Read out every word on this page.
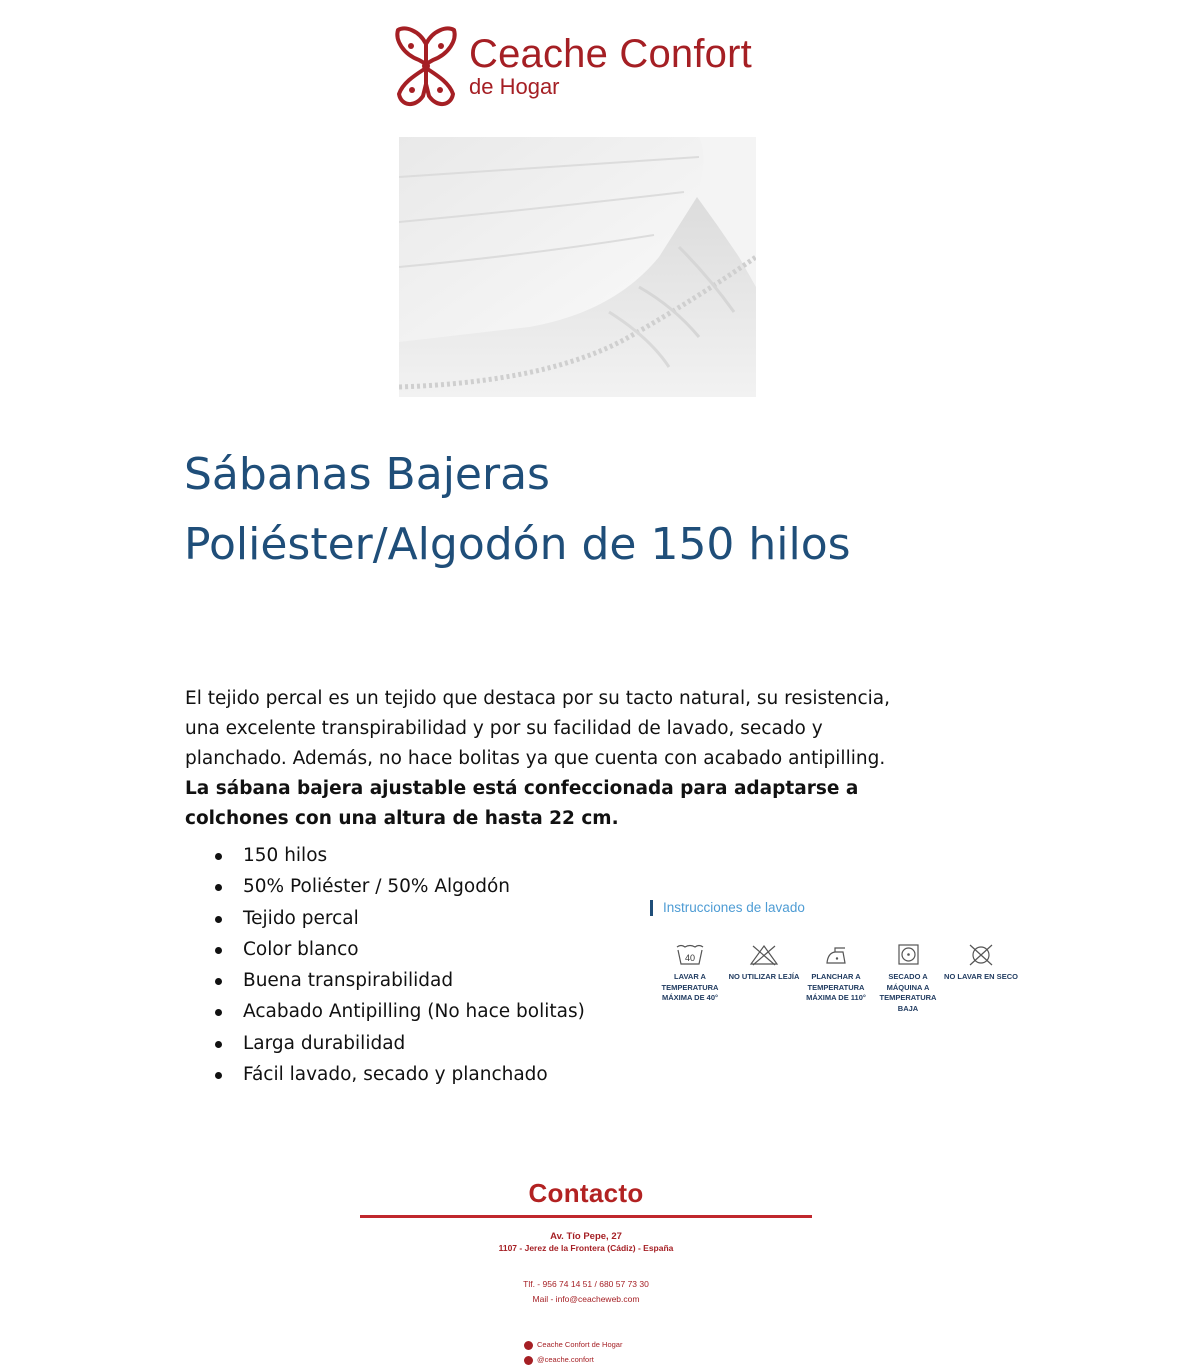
Ceache Confort
de Hogar
Sábanas Bajeras Poliéster/Algodón de 150 hilos

El tejido percal es un tejido que destaca por su tacto natural, su resistencia, una excelente transpirabilidad y por su facilidad de lavado, secado y planchado. Además, no hace bolitas ya que cuenta con acabado antipilling.
La sábana bajera ajustable está confeccionada para adaptarse a colchones con una altura de hasta 22 cm.

150 hilos
50% Poliéster / 50% Algodón
Tejido percal
Color blanco
Buena transpirabilidad
Acabado Antipilling (No hace bolitas)
Larga durabilidad
Fácil lavado, secado y planchado
Instrucciones de lavado
40
LAVAR A TEMPERATURA MÁXIMA DE 40°
NO UTILIZAR LEJÍA	PLANCHAR A TEMPERATURA MÁXIMA DE 110°
SECADO A MÁQUINA A TEMPERATURA BAJA
NO LAVAR EN SECO
Contacto
Av. Tío Pepe, 27
1107 - Jerez de la Frontera (Cádiz) - España
Tlf. - 956 74 14 51 / 680 57 73 30
Mail - info@ceacheweb.com
Ceache Confort de Hogar
@ceache.confort
